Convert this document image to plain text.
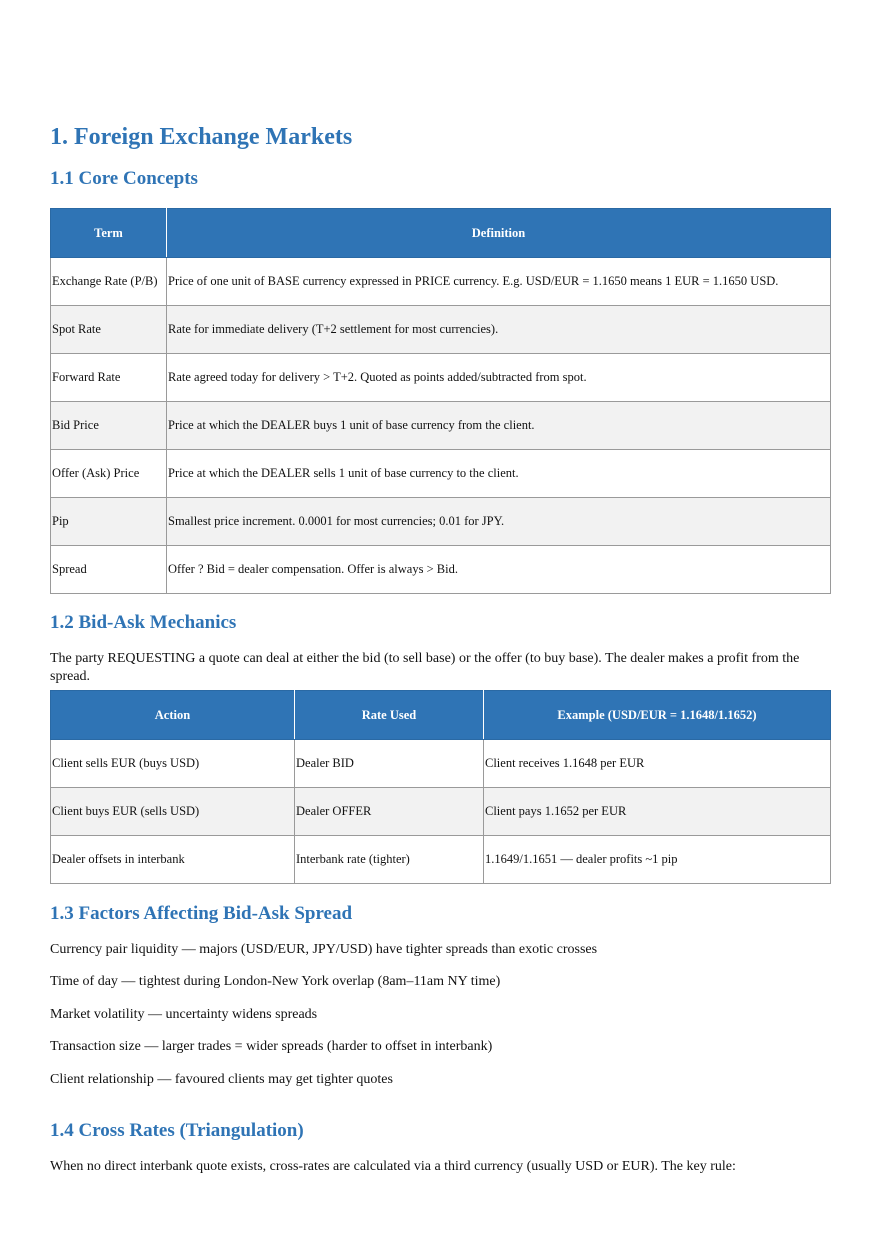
1. Foreign Exchange Markets
1.1 Core Concepts
Term	Definition
Exchange Rate (P/B)	Price of one unit of BASE currency expressed in PRICE currency. E.g. USD/EUR = 1.1650 means 1 EUR = 1.1650 USD.
Spot Rate	Rate for immediate delivery (T+2 settlement for most currencies).
Forward Rate	Rate agreed today for delivery > T+2. Quoted as points added/subtracted from spot.
Bid Price	Price at which the DEALER buys 1 unit of base currency from the client.
Offer (Ask) Price	Price at which the DEALER sells 1 unit of base currency to the client.
Pip	Smallest price increment. 0.0001 for most currencies; 0.01 for JPY.
Spread	Offer ? Bid = dealer compensation. Offer is always > Bid.
1.2 Bid-Ask Mechanics

The party REQUESTING a quote can deal at either the bid (to sell base) or the offer (to buy base). The dealer makes a profit from the spread.

Action	Rate Used	Example (USD/EUR = 1.1648/1.1652)
Client sells EUR (buys USD)	Dealer BID	Client receives 1.1648 per EUR
Client buys EUR (sells USD)	Dealer OFFER	Client pays 1.1652 per EUR
Dealer offsets in interbank	Interbank rate (tighter)	1.1649/1.1651 — dealer profits ~1 pip
1.3 Factors Affecting Bid-Ask Spread

Currency pair liquidity — majors (USD/EUR, JPY/USD) have tighter spreads than exotic crosses

Time of day — tightest during London-New York overlap (8am–11am NY time)

Market volatility — uncertainty widens spreads

Transaction size — larger trades = wider spreads (harder to offset in interbank)

Client relationship — favoured clients may get tighter quotes

1.4 Cross Rates (Triangulation)

When no direct interbank quote exists, cross-rates are calculated via a third currency (usually USD or EUR). The key rule:
